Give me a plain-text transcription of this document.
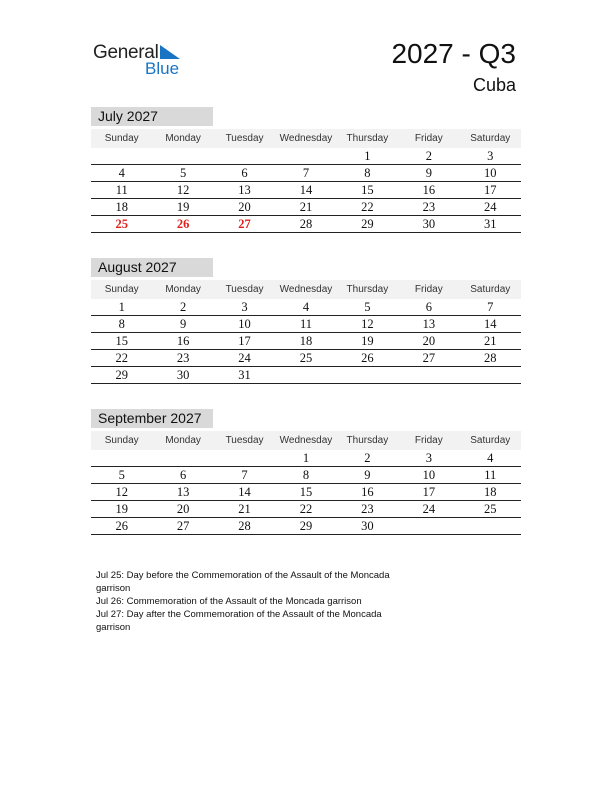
General
Blue	2027 - Q3
Cuba
July 2027
Sunday	Monday	Tuesday	Wednesday	Thursday	Friday	Saturday
				1	2	3
4	5	6	7	8	9	10
11	12	13	14	15	16	17
18	19	20	21	22	23	24
25	26	27	28	29	30	31
August 2027
Sunday	Monday	Tuesday	Wednesday	Thursday	Friday	Saturday
1	2	3	4	5	6	7
8	9	10	11	12	13	14
15	16	17	18	19	20	21
22	23	24	25	26	27	28
29	30	31				
September 2027
Sunday	Monday	Tuesday	Wednesday	Thursday	Friday	Saturday
			1	2	3	4
5	6	7	8	9	10	11
12	13	14	15	16	17	18
19	20	21	22	23	24	25
26	27	28	29	30		

Jul 25: Day before the Commemoration of the Assault of the Moncada garrison

Jul 26: Commemoration of the Assault of the Moncada garrison

Jul 27: Day after the Commemoration of the Assault of the Moncada garrison
